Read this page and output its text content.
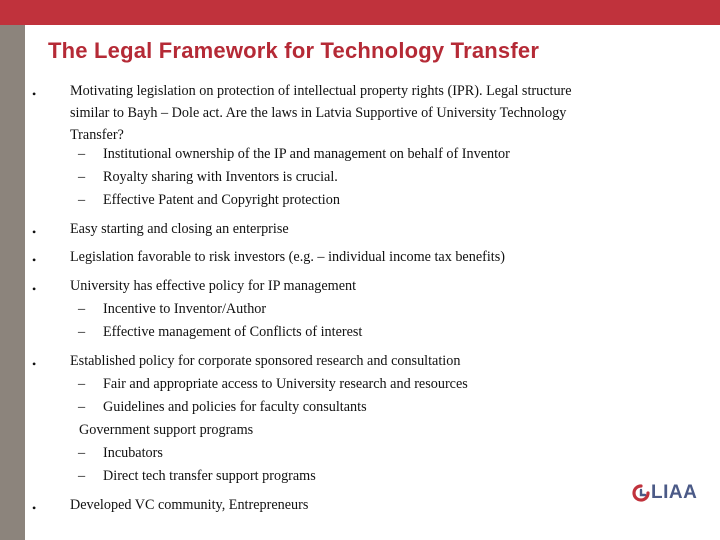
The Legal Framework for Technology Transfer
•	Motivating legislation on protection of intellectual property rights (IPR). Legal structure
similar to Bayh – Dole act. Are the laws in Latvia Supportive of University Technology
Transfer?
– Institutional ownership of the IP and management on behalf of Inventor
– Royalty sharing with Inventors is crucial.
– Effective Patent and Copyright protection
•	Easy starting and closing an enterprise
•	Legislation favorable to risk investors (e.g. – individual income tax benefits)
•	University has effective policy for IP management
– Incentive to Inventor/Author
– Effective management of Conflicts of interest
•	Established policy for corporate sponsored research and consultation
– Fair and appropriate access to University research and resources
– Guidelines and policies for faculty consultants
Government support programs
– Incubators
– Direct tech transfer support programs
•	Developed VC community, Entrepreneurs
LIAA
